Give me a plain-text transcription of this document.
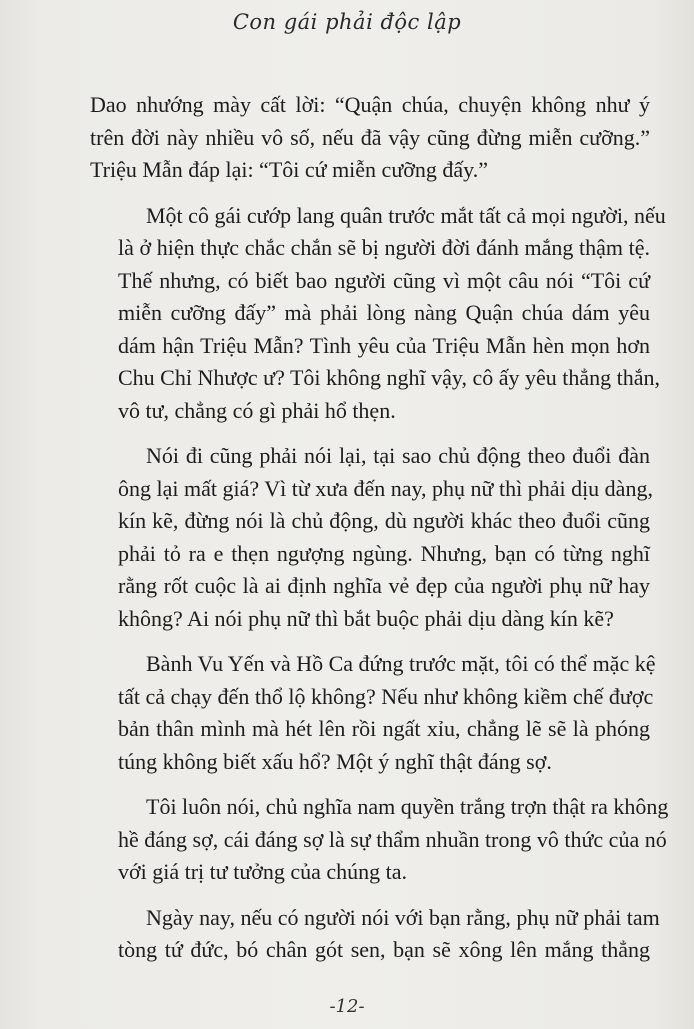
Con gái phải độc lập

Dao nhướng mày cất lời: “Quận chúa, chuyện không như ý
trên đời này nhiều vô số, nếu đã vậy cũng đừng miễn cưỡng.”
Triệu Mẫn đáp lại: “Tôi cứ miễn cưỡng đấy.”

Một cô gái cướp lang quân trước mắt tất cả mọi người, nếu
là ở hiện thực chắc chắn sẽ bị người đời đánh mắng thậm tệ.
Thế nhưng, có biết bao người cũng vì một câu nói “Tôi cứ
miễn cưỡng đấy” mà phải lòng nàng Quận chúa dám yêu
dám hận Triệu Mẫn? Tình yêu của Triệu Mẫn hèn mọn hơn
Chu Chỉ Nhược ư? Tôi không nghĩ vậy, cô ấy yêu thẳng thắn,
vô tư, chẳng có gì phải hổ thẹn.

Nói đi cũng phải nói lại, tại sao chủ động theo đuổi đàn
ông lại mất giá? Vì từ xưa đến nay, phụ nữ thì phải dịu dàng,
kín kẽ, đừng nói là chủ động, dù người khác theo đuổi cũng
phải tỏ ra e thẹn ngượng ngùng. Nhưng, bạn có từng nghĩ
rằng rốt cuộc là ai định nghĩa vẻ đẹp của người phụ nữ hay
không? Ai nói phụ nữ thì bắt buộc phải dịu dàng kín kẽ?

Bành Vu Yến và Hồ Ca đứng trước mặt, tôi có thể mặc kệ
tất cả chạy đến thổ lộ không? Nếu như không kiềm chế được
bản thân mình mà hét lên rồi ngất xỉu, chẳng lẽ sẽ là phóng
túng không biết xấu hổ? Một ý nghĩ thật đáng sợ.

Tôi luôn nói, chủ nghĩa nam quyền trắng trợn thật ra không
hề đáng sợ, cái đáng sợ là sự thẩm nhuần trong vô thức của nó
với giá trị tư tưởng của chúng ta.

Ngày nay, nếu có người nói với bạn rằng, phụ nữ phải tam
tòng tứ đức, bó chân gót sen, bạn sẽ xông lên mắng thẳng

-12-
